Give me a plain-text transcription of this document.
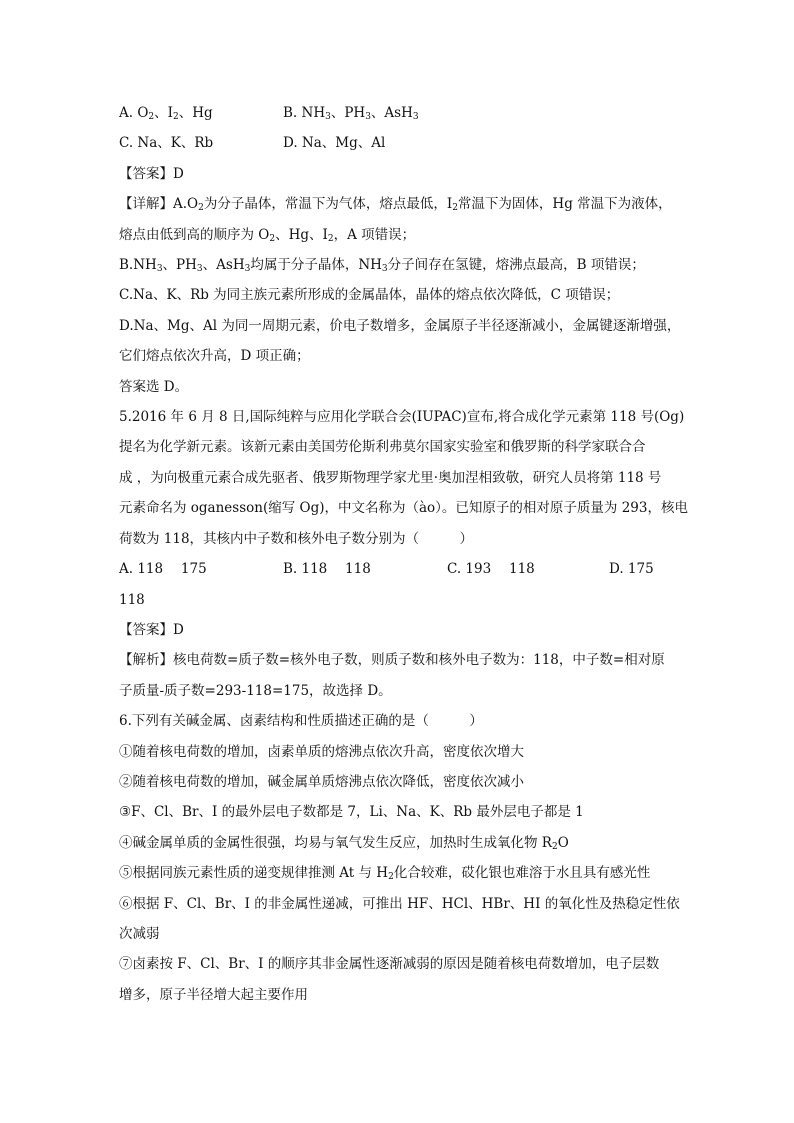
A. $O_2$、$I_2$、Hg	B. $NH_3$、$PH_3$、AsH$_3$
C. Na、K、Rb	D. Na、Mg、Al
【答案】D
【详解】$A.O_2$为分子晶体，常温下为气体，熔点最低，$I_2$常温下为固体，Hg 常温下为液体，
熔点由低到高的顺序为 $O_2$、Hg、$I_2$，A 项错误；
$B.NH_3$、$PH_3$、AsH$_3$均属于分子晶体，$NH_3$分子间存在氢键，熔沸点最高，B 项错误；
C.Na、K、Rb 为同主族元素所形成的金属晶体，晶体的熔点依次降低，C 项错误；
D.Na、Mg、Al 为同一周期元素，价电子数增多，金属原子半径逐渐减小，金属键逐渐增强，
它们熔点依次升高，D 项正确；
答案选 D。
5.2016 年 6 月 8 日,国际纯粹与应用化学联合会(IUPAC)宣布,将合成化学元素第 118 号(Og)
提名为化学新元素。该新元素由美国劳伦斯利弗莫尔国家实验室和俄罗斯的科学家联合合
成 ，为向极重元素合成先驱者、俄罗斯物理学家尤里·奥加涅相致敬，研究人员将第 118 号
元素命名为 oganesson(缩写 Og)，中文名称为（ào）。已知原子的相对原子质量为 293，核电
荷数为 118，其核内中子数和核外电子数分别为（　　　）
A. 118　 175	B. 118　 118	C. 193　 118	D. 175
118
【答案】D
【解析】核电荷数=质子数=核外电子数，则质子数和核外电子数为：118，中子数=相对原
子质量-质子数=293-118=175，故选择 D。
6.下列有关碱金属、卤素结构和性质描述正确的是（　　　）
①随着核电荷数的增加，卤素单质的熔沸点依次升高，密度依次增大
②随着核电荷数的增加，碱金属单质熔沸点依次降低，密度依次减小
③F、Cl、Br、I 的最外层电子数都是 7，Li、Na、K、Rb 最外层电子都是 1
④碱金属单质的金属性很强，均易与氧气发生反应，加热时生成氧化物 $R_2O$
⑤根据同族元素性质的递变规律推测 At 与 $H_2$化合较难，砹化银也难溶于水且具有感光性
⑥根据 F、Cl、Br、I 的非金属性递减，可推出 HF、HCl、HBr、HI 的氧化性及热稳定性依
次减弱
⑦卤素按 F、Cl、Br、I 的顺序其非金属性逐渐减弱的原因是随着核电荷数增加，电子层数
增多，原子半径增大起主要作用
